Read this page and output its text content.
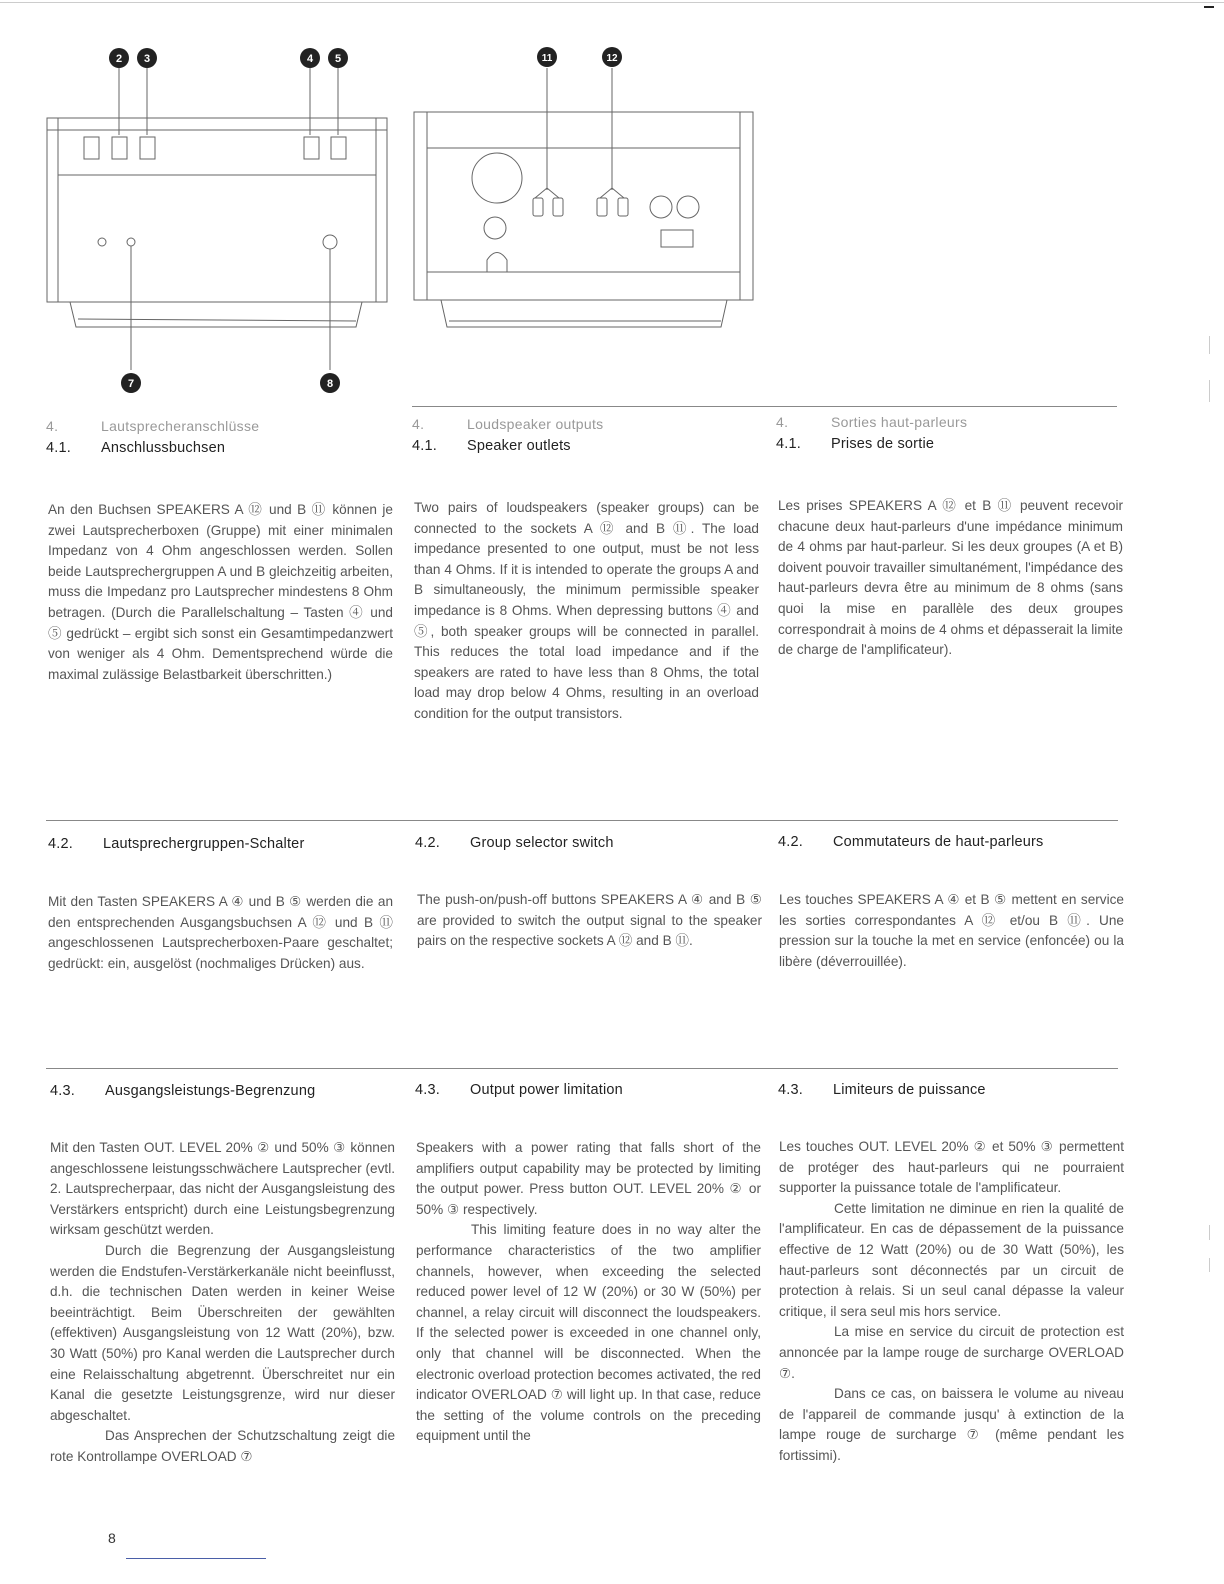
2 3	4 5
7	8
11	12
4.	Lautsprecheranschlüsse
4.1. Anschlussbuchsen
4.	Loudspeaker outputs
4.1. Speaker outlets
4.	Sorties haut-parleurs
4.1. Prises de sortie
An den Buchsen SPEAKERS A ⑫ und B ⑪ können je zwei Lautsprecherboxen (Gruppe) mit einer minimalen Impedanz von 4 Ohm angeschlossen werden. Sollen beide Lautsprechergruppen A und B gleichzeitig arbeiten, muss die Impedanz pro Lautsprecher mindestens 8 Ohm betragen. (Durch die Parallelschaltung – Tasten ④ und ⑤ gedrückt – ergibt sich sonst ein Gesamtimpedanzwert von weniger als 4 Ohm. Dementsprechend würde die maximal zulässige Belastbarkeit überschritten.)
Two pairs of loudspeakers (speaker groups) can be connected to the sockets A ⑫ and B ⑪. The load impedance presented to one output, must be not less than 4 Ohms. If it is intended to operate the groups A and B simultaneously, the minimum permissible speaker impedance is 8 Ohms. When depressing buttons ④ and ⑤, both speaker groups will be connected in parallel. This reduces the total load impedance and if the speakers are rated to have less than 8 Ohms, the total load may drop below 4 Ohms, resulting in an overload condition for the output transistors.
Les prises SPEAKERS A ⑫ et B ⑪ peuvent recevoir chacune deux haut-parleurs d'une impédance minimum de 4 ohms par haut-parleur. Si les deux groupes (A et B) doivent pouvoir travailler simultanément, l'impédance des haut-parleurs devra être au minimum de 8 ohms (sans quoi la mise en parallèle des deux groupes correspondrait à moins de 4 ohms et dépasserait la limite de charge de l'amplificateur).
4.2. Lautsprechergruppen-Schalter	4.2. Group selector switch	4.2. Commutateurs de haut-parleurs
Mit den Tasten SPEAKERS A ④ und B ⑤ werden die an den entsprechenden Ausgangsbuchsen A ⑫ und B ⑪ angeschlossenen Lautsprecherboxen-Paare geschaltet; gedrückt: ein, ausgelöst (nochmaliges Drücken) aus.
The push-on/push-off buttons SPEAKERS A ④ and B ⑤ are provided to switch the output signal to the speaker pairs on the respective sockets A ⑫ and B ⑪.
Les touches SPEAKERS A ④ et B ⑤ mettent en service les sorties correspondantes A ⑫ et/ou B ⑪. Une pression sur la touche la met en service (enfoncée) ou la libère (déverrouillée).
4.3. Ausgangsleistungs-Begrenzung	4.3. Output power limitation	4.3. Limiteurs de puissance

Mit den Tasten OUT. LEVEL 20% ② und 50% ③ können angeschlossene leistungsschwächere Lautsprecher (evtl. 2. Lautsprecherpaar, das nicht der Ausgangsleistung des Verstärkers entspricht) durch eine Leistungsbegrenzung wirksam geschützt werden.

Durch die Begrenzung der Ausgangsleistung werden die Endstufen-Verstärkerkanäle nicht beeinflusst, d.h. die technischen Daten werden in keiner Weise beeinträchtigt. Beim Überschreiten der gewählten (effektiven) Ausgangsleistung von 12 Watt (20%), bzw. 30 Watt (50%) pro Kanal werden die Lautsprecher durch eine Relaisschaltung abgetrennt. Überschreitet nur ein Kanal die gesetzte Leistungsgrenze, wird nur dieser abgeschaltet.

Das Ansprechen der Schutzschaltung zeigt die rote Kontrollampe OVERLOAD ⑦

Speakers with a power rating that falls short of the amplifiers output capability may be protected by limiting the output power. Press button OUT. LEVEL 20% ② or 50% ③ respectively.

This limiting feature does in no way alter the performance characteristics of the two amplifier channels, however, when exceeding the selected reduced power level of 12 W (20%) or 30 W (50%) per channel, a relay circuit will disconnect the loudspeakers. If the selected power is exceeded in one channel only, only that channel will be disconnected. When the electronic overload protection becomes activated, the red indicator OVERLOAD ⑦ will light up. In that case, reduce the setting of the volume controls on the preceding equipment until the

Les touches OUT. LEVEL 20% ② et 50% ③ permettent de protéger des haut-parleurs qui ne pourraient supporter la puissance totale de l'amplificateur.

Cette limitation ne diminue en rien la qualité de l'amplificateur. En cas de dépassement de la puissance effective de 12 Watt (20%) ou de 30 Watt (50%), les haut-parleurs sont déconnectés par un circuit de protection à relais. Si un seul canal dépasse la valeur critique, il sera seul mis hors service.

La mise en service du circuit de protection est annoncée par la lampe rouge de surcharge OVERLOAD ⑦.

Dans ce cas, on baissera le volume au niveau de l'appareil de commande jusqu' à extinction de la lampe rouge de surcharge ⑦ (même pendant les fortissimi).

8
